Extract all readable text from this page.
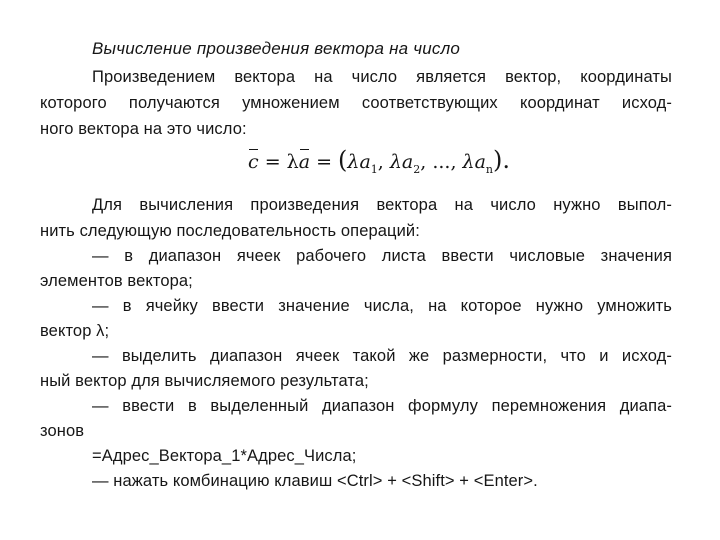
Вычисление произведения вектора на число
Произведением вектора на число является вектор, координаты
которого получаются умножением соответствующих координат исход-
ного вектора на это число:
$c = \lambda a = (\lambda a_1$, $\lambda a_2$, ..., $\lambda a_n$).
Для вычисления произведения вектора на число нужно выпол-
нить следующую последовательность операций:
— в диапазон ячеек рабочего листа ввести числовые значения
элементов вектора;
— в ячейку ввести значение числа, на которое нужно умножить
вектор λ;
— выделить диапазон ячеек такой же размерности, что и исход-
ный вектор для вычисляемого результата;
— ввести в выделенный диапазон формулу перемножения диапа-
зонов
=Адрес_Вектора_1*Адрес_Числа;
— нажать комбинацию клавиш <Ctrl> + <Shift> + <Enter>.
